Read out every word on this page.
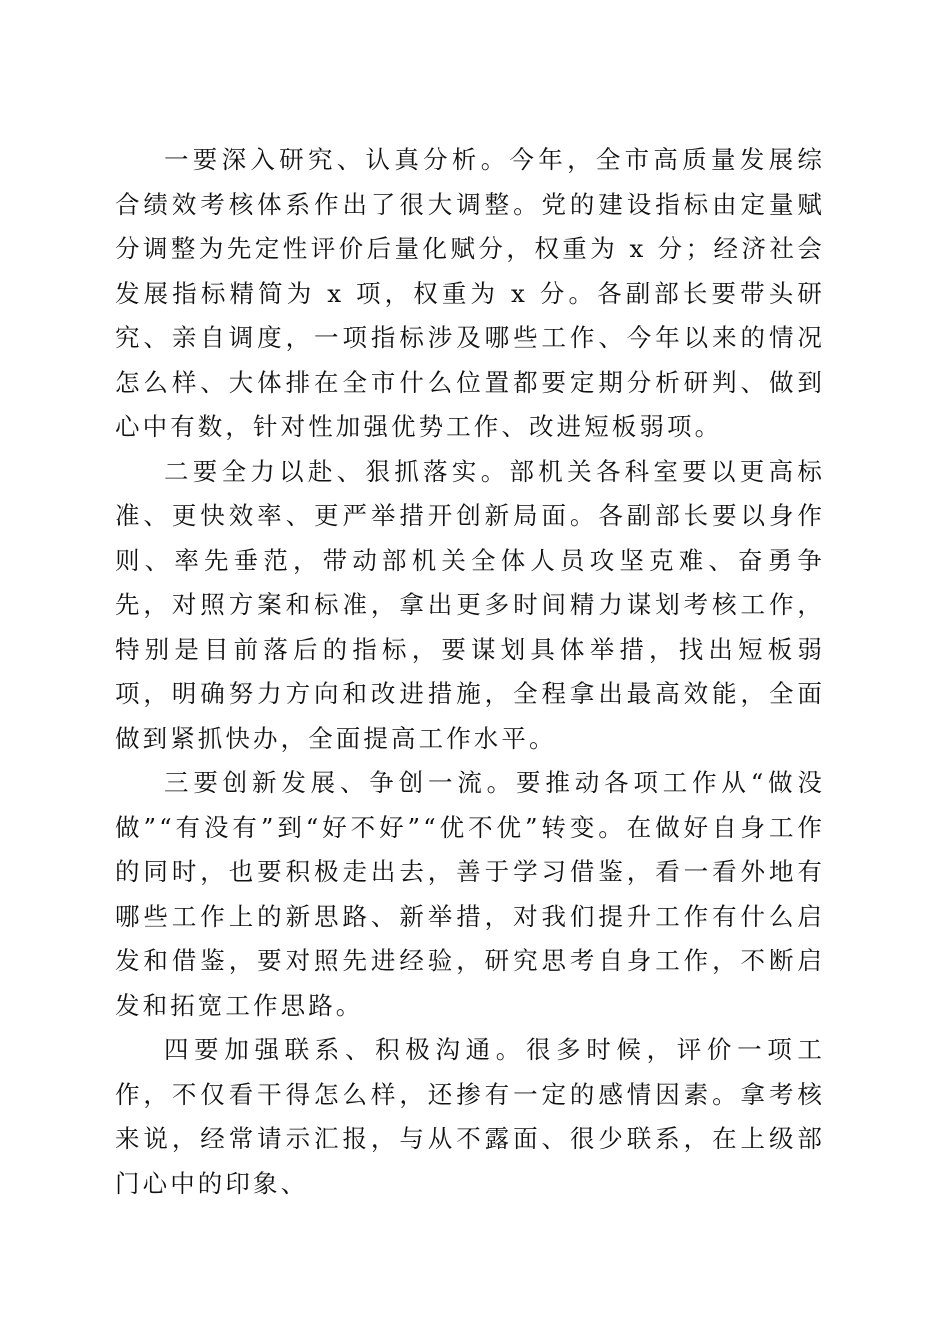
一要深入研究、认真分析。今年，全市高质量发展综合绩效考核体系作出了很大调整。党的建设指标由定量赋分调整为先定性评价后量化赋分，权重为 x 分；经济社会发展指标精简为 x 项，权重为 x 分。各副部长要带头研究、亲自调度，一项指标涉及哪些工作、今年以来的情况怎么样、大体排在全市什么位置都要定期分析研判、做到心中有数，针对性加强优势工作、改进短板弱项。

二要全力以赴、狠抓落实。部机关各科室要以更高标准、更快效率、更严举措开创新局面。各副部长要以身作则、率先垂范，带动部机关全体人员攻坚克难、奋勇争先，对照方案和标准，拿出更多时间精力谋划考核工作，特别是目前落后的指标，要谋划具体举措，找出短板弱项，明确努力方向和改进措施，全程拿出最高效能，全面做到紧抓快办，全面提高工作水平。

三要创新发展、争创一流。要推动各项工作从“做没做”“有没有”到“好不好”“优不优”转变。在做好自身工作的同时，也要积极走出去，善于学习借鉴，看一看外地有哪些工作上的新思路、新举措，对我们提升工作有什么启发和借鉴，要对照先进经验，研究思考自身工作，不断启发和拓宽工作思路。

四要加强联系、积极沟通。很多时候，评价一项工作，不仅看干得怎么样，还掺有一定的感情因素。拿考核来说，经常请示汇报，与从不露面、很少联系，在上级部门心中的印象、
